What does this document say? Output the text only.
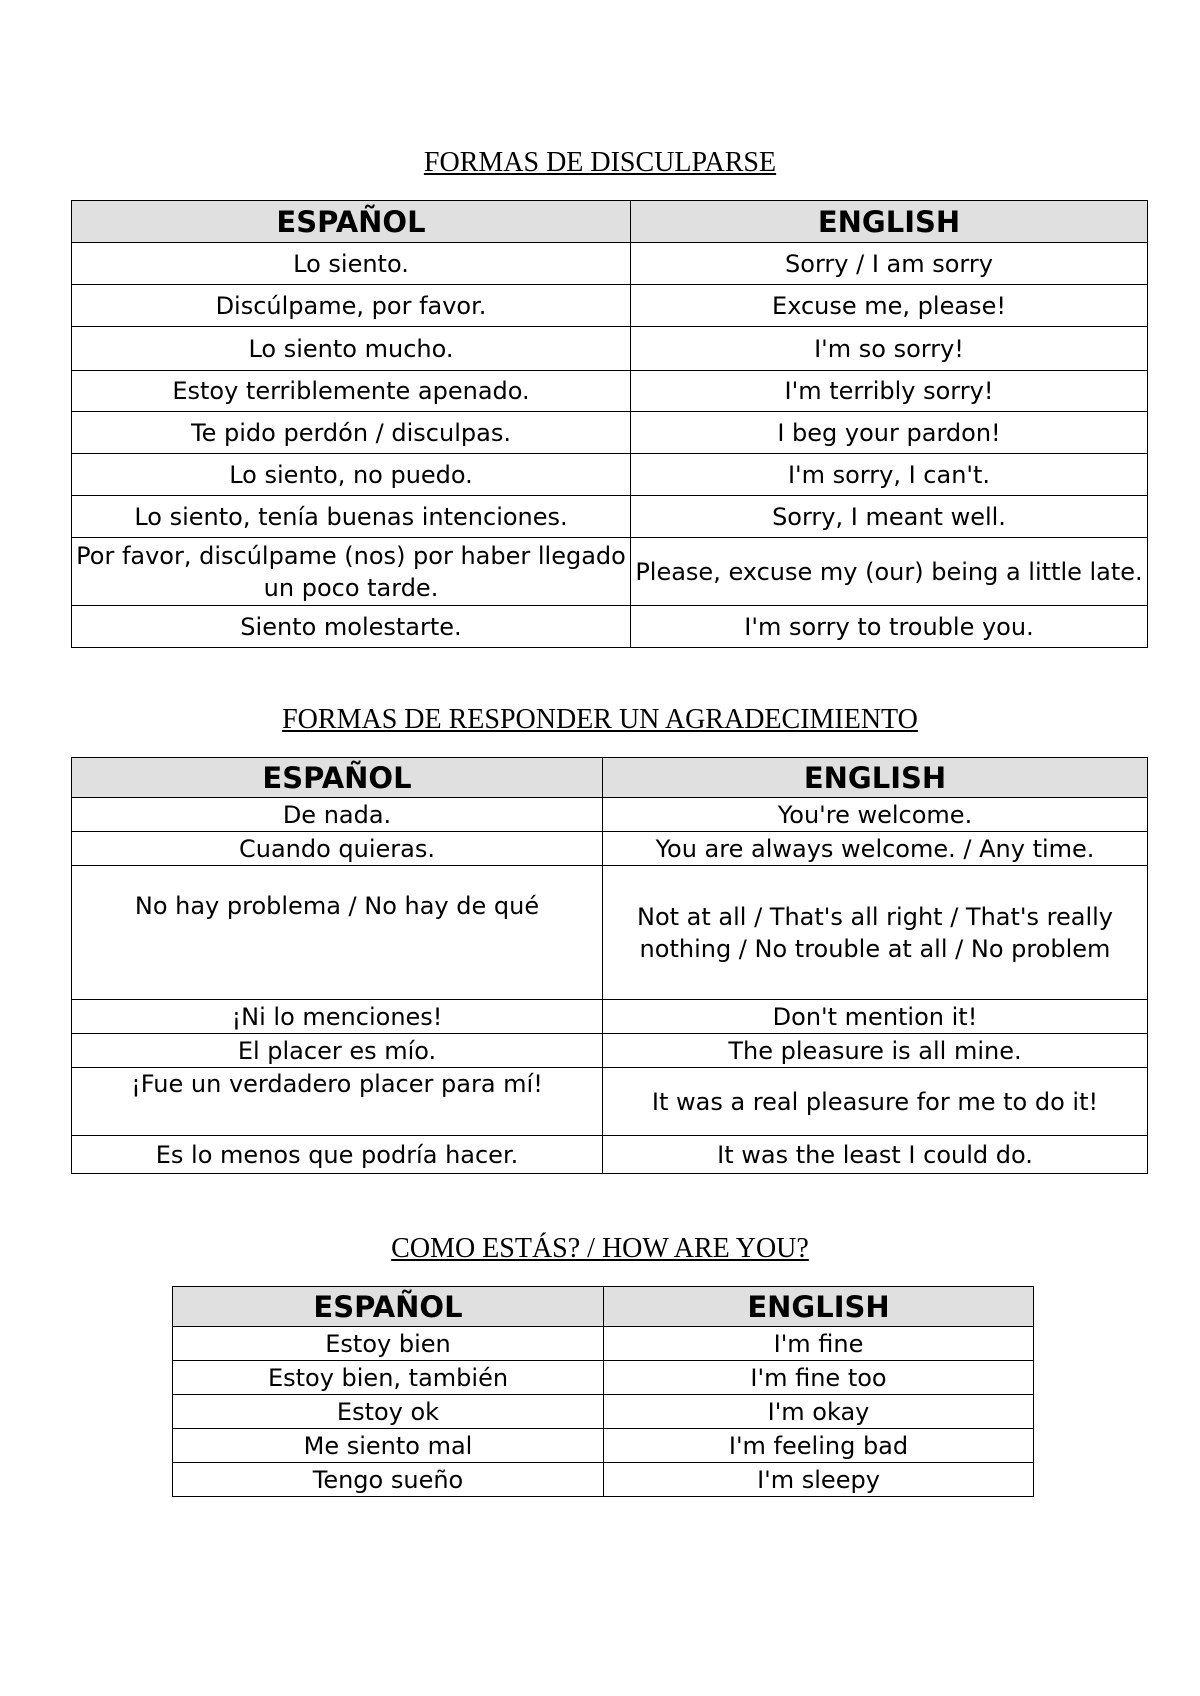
FORMAS DE DISCULPARSE
ESPAÑOL	ENGLISH
Lo siento.	Sorry / I am sorry
Discúlpame, por favor.	Excuse me, please!
Lo siento mucho.	I'm so sorry!
Estoy terriblemente apenado.	I'm terribly sorry!
Te pido perdón / disculpas.	I beg your pardon!
Lo siento, no puedo.	I'm sorry, I can't.
Lo siento, tenía buenas intenciones.	Sorry, I meant well.
Por favor, discúlpame (nos) por haber llegado un poco tarde.	Please, excuse my (our) being a little late.
Siento molestarte.	I'm sorry to trouble you.
FORMAS DE RESPONDER UN AGRADECIMIENTO
ESPAÑOL	ENGLISH
De nada.	You're welcome.
Cuando quieras.	You are always welcome. / Any time.
No hay problema / No hay de qué	Not at all / That's all right / That's really nothing / No trouble at all / No problem
¡Ni lo menciones!	Don't mention it!
El placer es mío.	The pleasure is all mine.
¡Fue un verdadero placer para mí!	It was a real pleasure for me to do it!
Es lo menos que podría hacer.	It was the least I could do.
COMO ESTÁS? / HOW ARE YOU?
ESPAÑOL	ENGLISH
Estoy bien	I'm fine
Estoy bien, también	I'm fine too
Estoy ok	I'm okay
Me siento mal	I'm feeling bad
Tengo sueño	I'm sleepy
